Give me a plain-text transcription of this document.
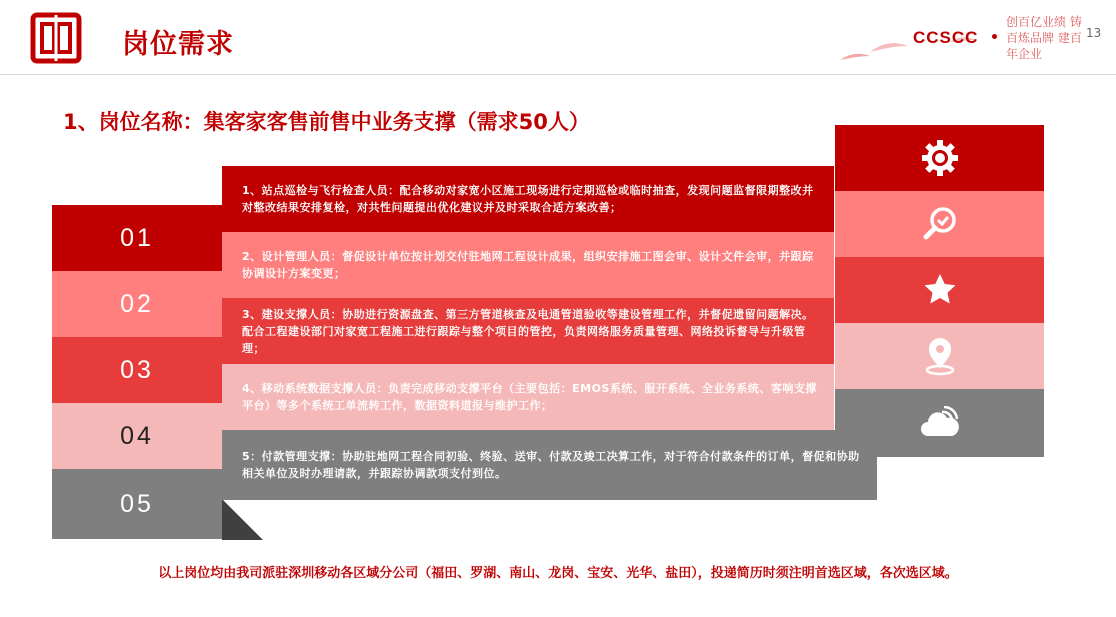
岗位需求	CCSCC
创百亿业绩 铸百炼品牌 建百年企业
13
1、岗位名称：集客家客售前售中业务支撑（需求50人）
01
02
03
04
05
1、站点巡检与飞行检查人员：配合移动对家宽小区施工现场进行定期巡检或临时抽查，发现问题监督限期整改并对整改结果安排复检，对共性问题提出优化建议并及时采取合适方案改善；
2、设计管理人员：督促设计单位按计划交付驻地网工程设计成果，组织安排施工图会审、设计文件会审，并跟踪协调设计方案变更；
3、建设支撑人员：协助进行资源盘查、第三方管道核查及电通管道验收等建设管理工作，并督促遗留问题解决。配合工程建设部门对家宽工程施工进行跟踪与整个项目的管控，负责网络服务质量管理、网络投诉督导与升级管理；
4、移动系统数据支撑人员：负责完成移动支撑平台（主要包括：EMOS系统、服开系统、全业务系统、客响支撑平台）等多个系统工单流转工作，数据资料道报与维护工作；
5：付款管理支撑：协助驻地网工程合同初验、终验、送审、付款及竣工决算工作，对于符合付款条件的订单，督促和协助相关单位及时办理请款，并跟踪协调款项支付到位。
以上岗位均由我司派驻深圳移动各区域分公司（福田、罗湖、南山、龙岗、宝安、光华、盐田），投递简历时须注明首选区域，各次选区域。
